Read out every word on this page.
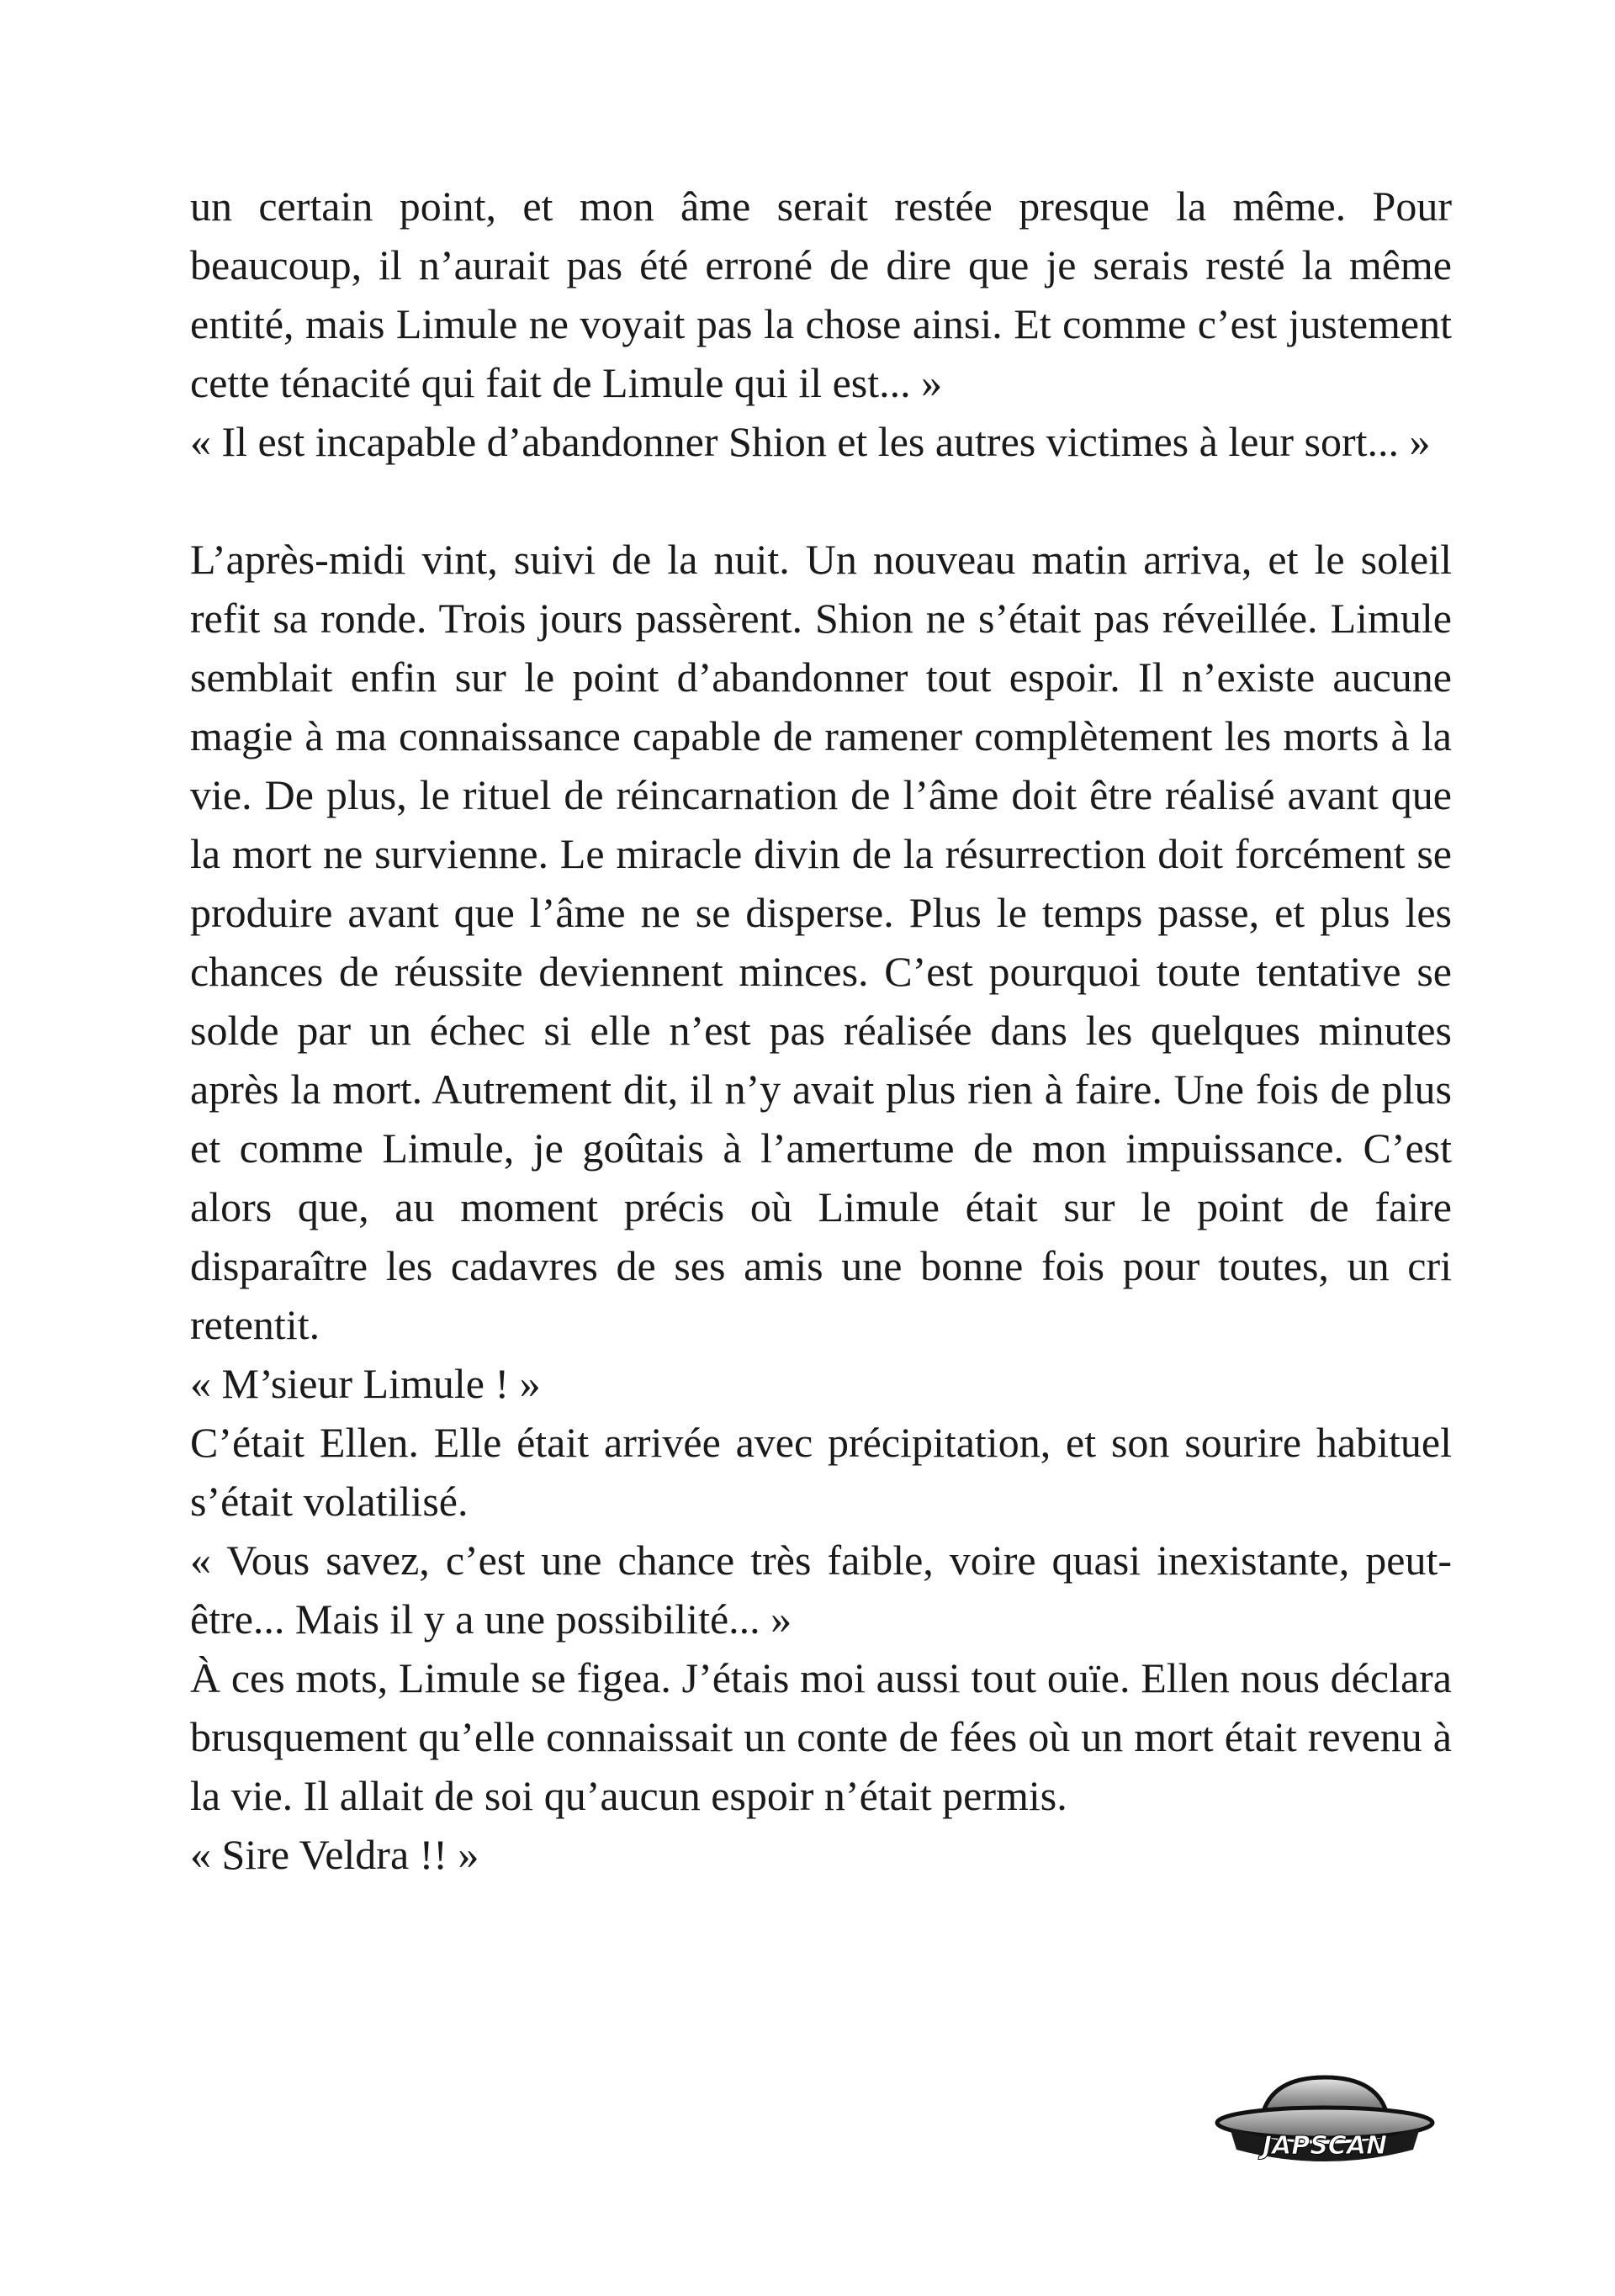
un certain point, et mon âme serait restée presque la même. Pour beaucoup, il n’aurait pas été erroné de dire que je serais resté la même entité, mais Limule ne voyait pas la chose ainsi. Et comme c’est justement cette ténacité qui fait de Limule qui il est... »

« Il est incapable d’abandonner Shion et les autres victimes à leur sort... »

L’après-midi vint, suivi de la nuit. Un nouveau matin arriva, et le soleil refit sa ronde. Trois jours passèrent. Shion ne s’était pas réveillée. Limule semblait enfin sur le point d’abandonner tout espoir. Il n’existe aucune magie à ma connaissance capable de ramener complètement les morts à la vie. De plus, le rituel de réincarnation de l’âme doit être réalisé avant que la mort ne survienne. Le miracle divin de la résurrection doit forcément se produire avant que l’âme ne se disperse. Plus le temps passe, et plus les chances de réussite deviennent minces. C’est pourquoi toute tentative se solde par un échec si elle n’est pas réalisée dans les quelques minutes après la mort. Autrement dit, il n’y avait plus rien à faire. Une fois de plus et comme Limule, je goûtais à l’amertume de mon impuissance. C’est alors que, au moment précis où Limule était sur le point de faire disparaître les cadavres de ses amis une bonne fois pour toutes, un cri retentit.

« M’sieur Limule ! »

C’était Ellen. Elle était arrivée avec précipitation, et son sourire habituel s’était volatilisé.

« Vous savez, c’est une chance très faible, voire quasi inexistante, peut-être... Mais il y a une possibilité... »

À ces mots, Limule se figea. J’étais moi aussi tout ouïe. Ellen nous déclara brusquement qu’elle connaissait un conte de fées où un mort était revenu à la vie. Il allait de soi qu’aucun espoir n’était permis.

« Sire Veldra !! »

JAPSCAN
